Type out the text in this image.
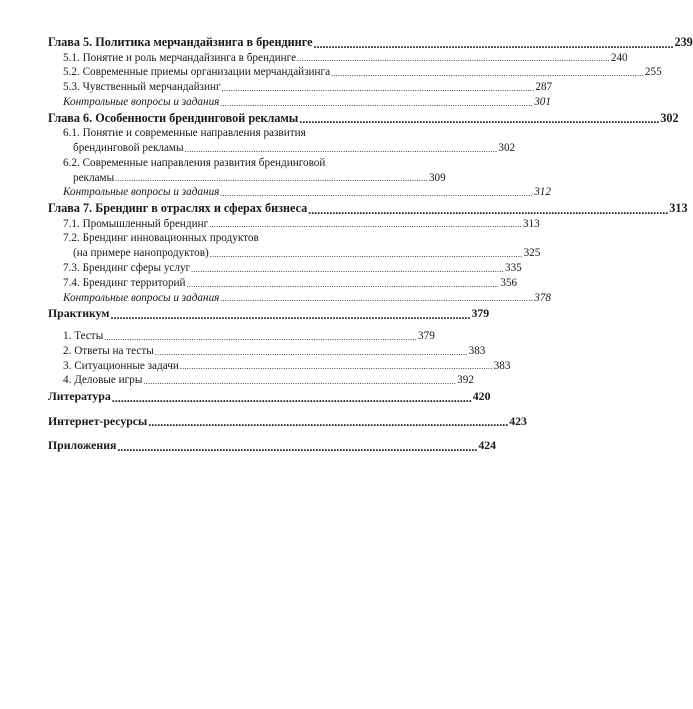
Глава 5. Политика мерчандайзинга в брендинге ........................................................................................................................ 239
5.1. Понятие и роль мерчандайзинга в брендинге ........................................................................................................................................ 240
5.2. Современные приемы организации мерчандайзинга ........................................................................................................................................ 255
5.3. Чувственный мерчандайзинг ........................................................................................................................................ 287
Контрольные вопросы и задания ........................................................................................................................................ 301
Глава 6. Особенности брендинговой рекламы ........................................................................................................................ 302
6.1. Понятие и современные направления развития
брендинговой рекламы ........................................................................................................................................ 302
6.2. Современные направления развития брендинговой
рекламы ........................................................................................................................................ 309
Контрольные вопросы и задания ........................................................................................................................................ 312
Глава 7. Брендинг в отраслях и сферах бизнеса ........................................................................................................................ 313
7.1. Промышленный брендинг ........................................................................................................................................ 313
7.2. Брендинг инновационных продуктов
(на примере нанопродуктов) ........................................................................................................................................ 325
7.3. Брендинг сферы услуг ........................................................................................................................................ 335
7.4. Брендинг территорий ........................................................................................................................................ 356
Контрольные вопросы и задания ........................................................................................................................................ 378
Практикум ........................................................................................................................ 379
1. Тесты ........................................................................................................................................ 379
2. Ответы на тесты ........................................................................................................................................ 383
3. Ситуационные задачи ........................................................................................................................................ 383
4. Деловые игры ........................................................................................................................................ 392
Литература ........................................................................................................................ 420
Интернет-ресурсы ........................................................................................................................ 423
Приложения ........................................................................................................................ 424
